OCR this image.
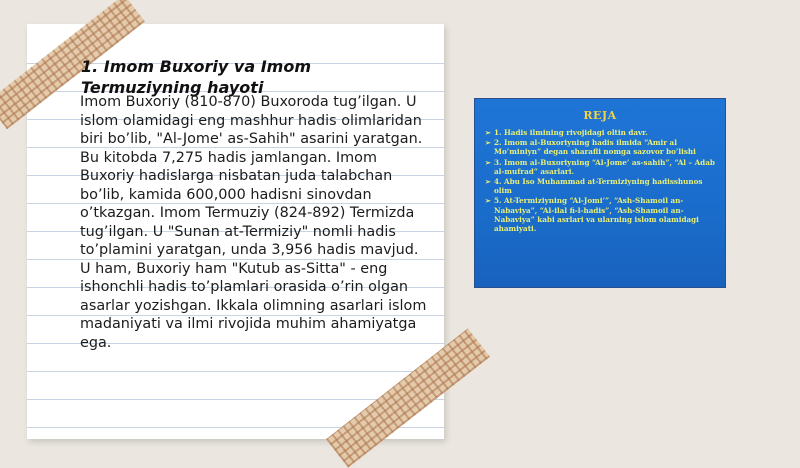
1. Imom Buxoriy va Imom Termuziyning hayoti

Imom Buxoriy (810-870) Buxoroda tug’ilgan. U islom olamidagi eng mashhur hadis olimlaridan biri bo’lib, "Al-Jome' as-Sahih" asarini yaratgan. Bu kitobda 7,275 hadis jamlangan. Imom Buxoriy hadislarga nisbatan juda talabchan bo’lib, kamida 600,000 hadisni sinovdan o’tkazgan. Imom Termuziy (824-892) Termizda tug’ilgan. U "Sunan at-Termiziy" nomli hadis to’plamini yaratgan, unda 3,956 hadis mavjud. U ham, Buxoriy ham "Kutub as-Sitta" - eng ishonchli hadis to’plamlari orasida o’rin olgan asarlar yozishgan. Ikkala olimning asarlari islom madaniyati va ilmi rivojida muhim ahamiyatga ega.

REJA
➢ 1. Hadis ilmining rivojidagi oltin davr.
➢ 2. Imom al-Buxoriyning hadis ilmida “Amir al Mo’miniyn” degan sharafli nomga sazovor bo’lishi
➢ 3. Imom al-Buxoriyning “Al-Jome’ as-sahih”, “Al – Adab al-mufrad” asarlari.
➢ 4. Abu Iso Muhammad at-Termiziyning hadisshunos olim
➢ 5. At-Termiziyning “Al-Jomi’”, “Ash-Shamoil an-Nabaviya”, “Al-ilal fi-l-hadis”, “Ash-Shamoil an-Nabaviya” kabi asrlari va ularning islom olamidagi ahamiyati.
